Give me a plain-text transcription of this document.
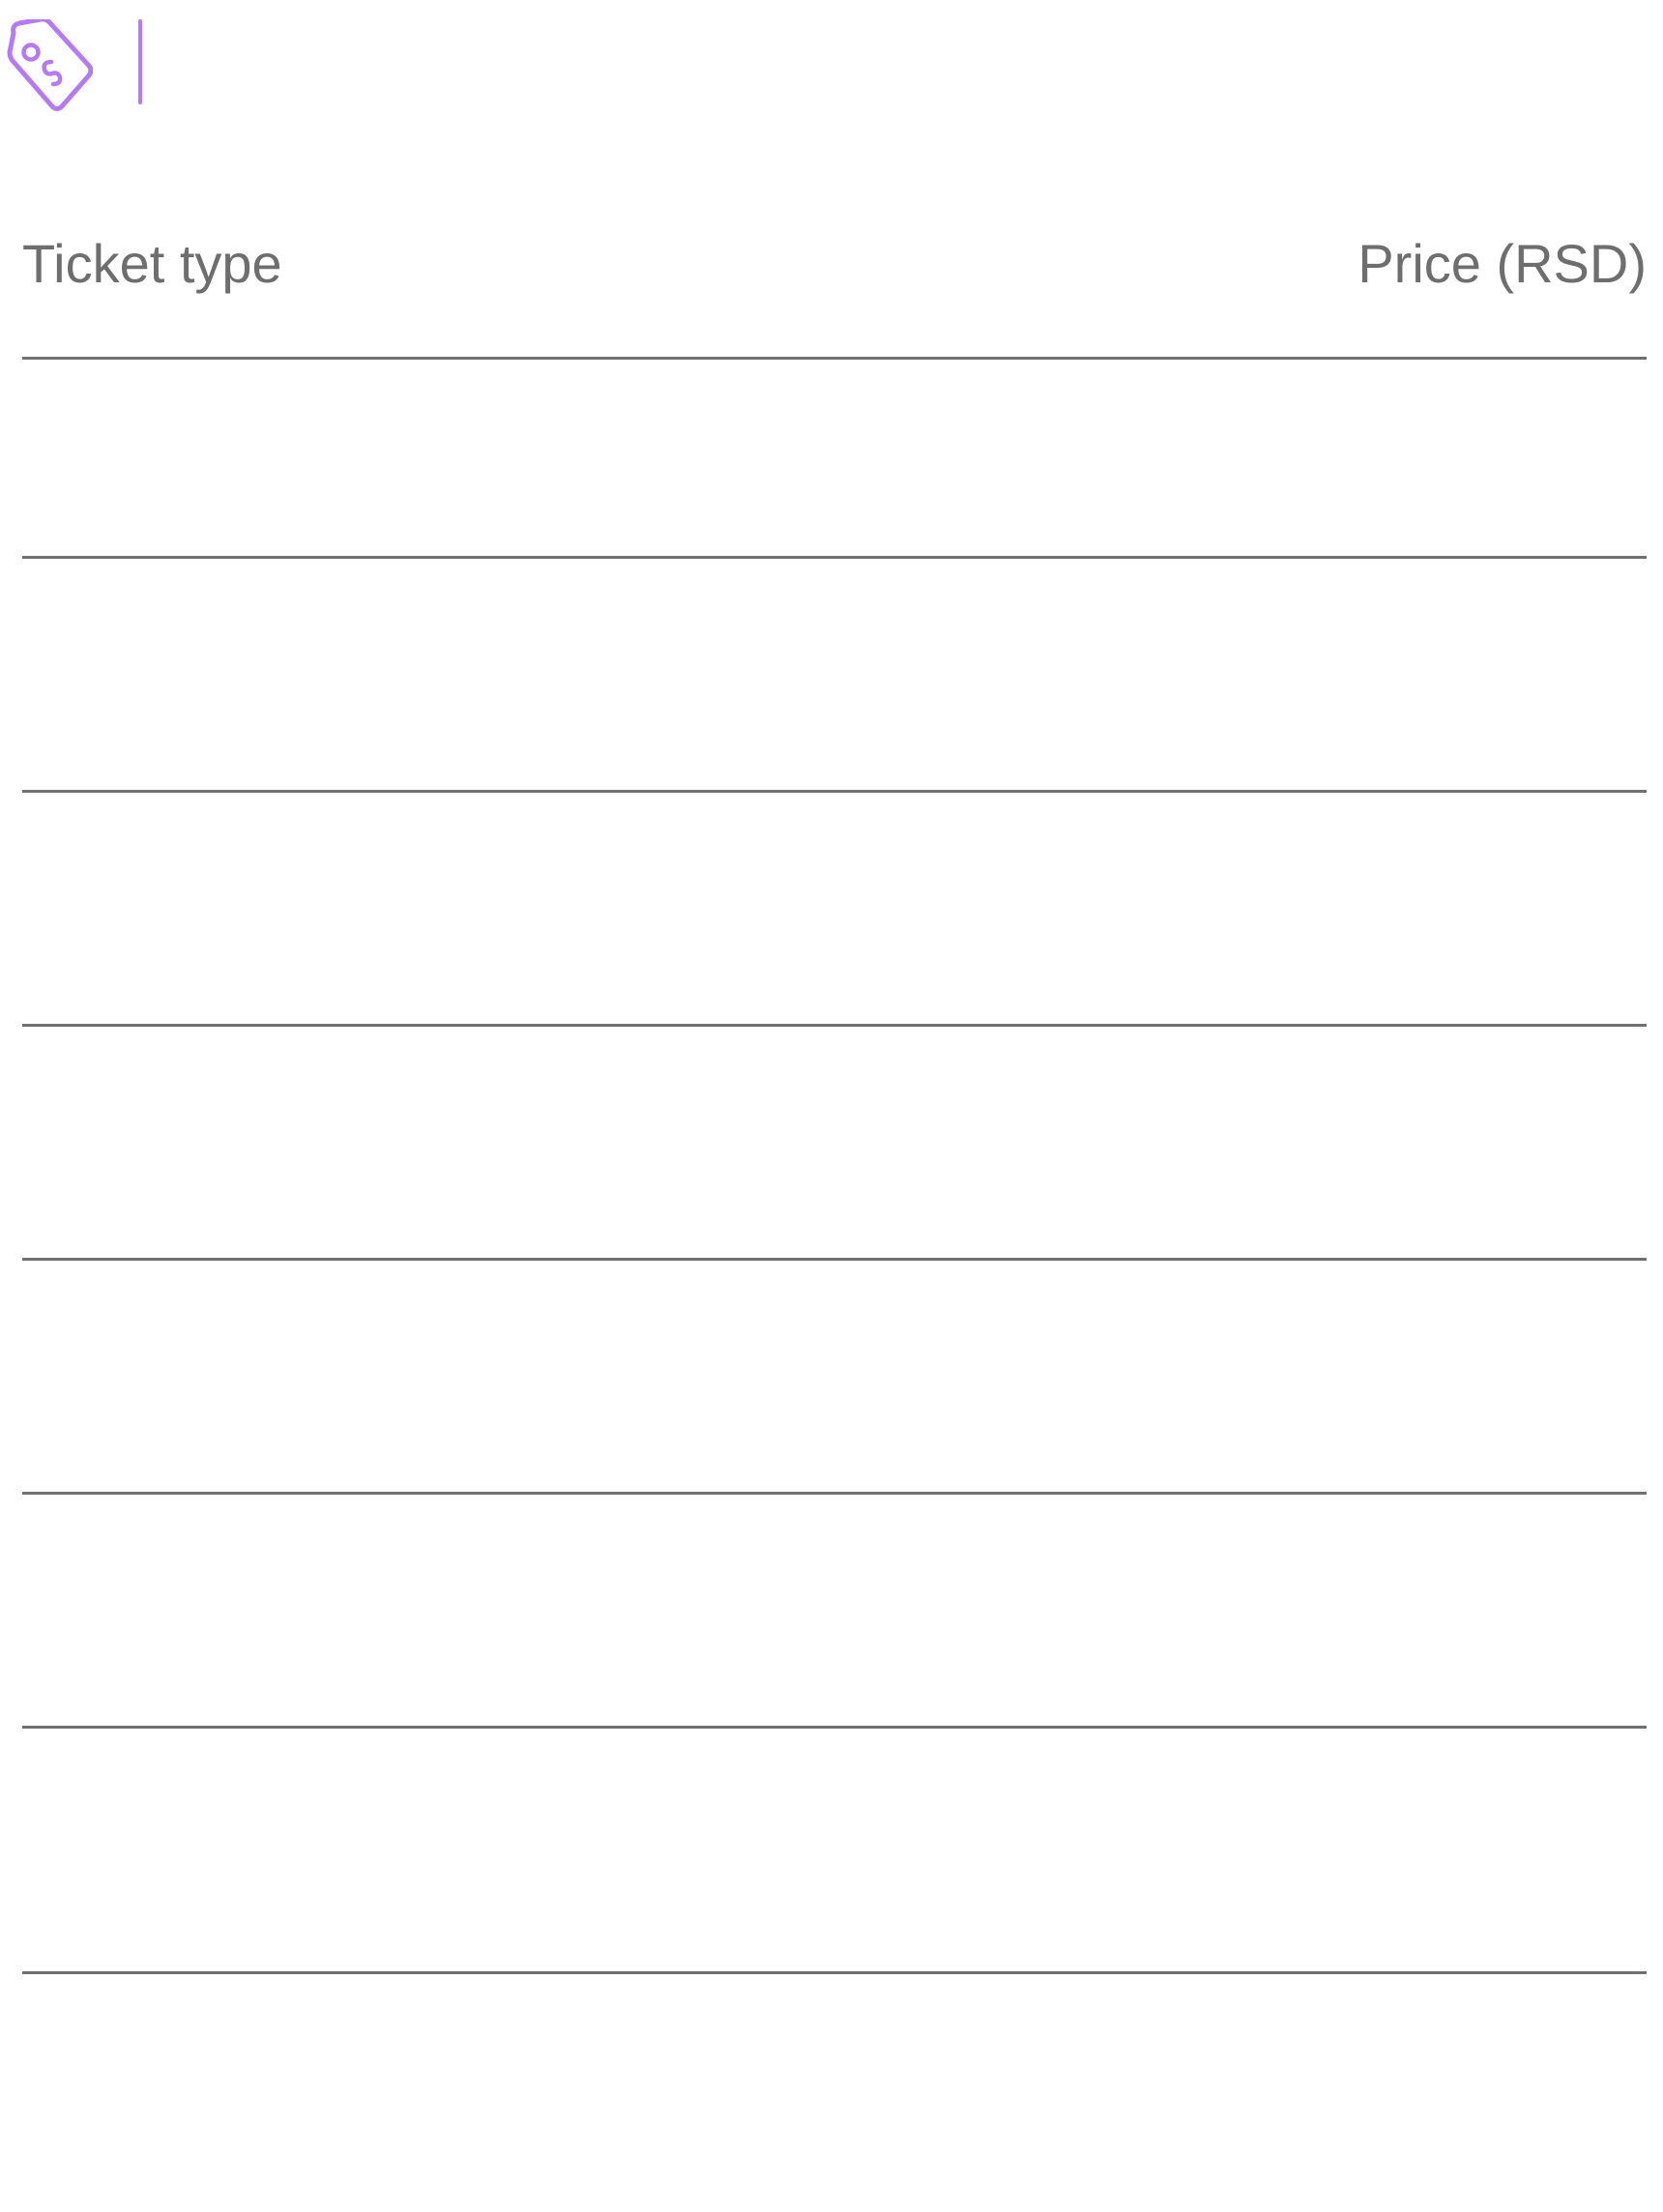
Ticket type	Price (RSD)
